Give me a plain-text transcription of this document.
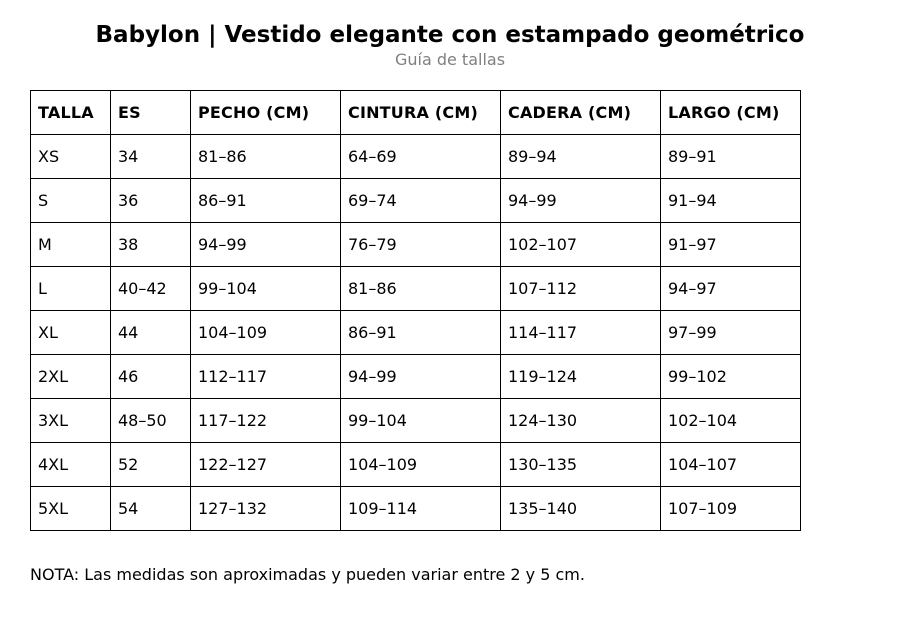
Babylon | Vestido elegante con estampado geométrico
Guía de tallas
TALLA	ES	PECHO (CM)	CINTURA (CM)	CADERA (CM)	LARGO (CM)
XS	34	81–86	64–69	89–94	89–91
S	36	86–91	69–74	94–99	91–94
M	38	94–99	76–79	102–107	91–97
L	40–42	99–104	81–86	107–112	94–97
XL	44	104–109	86–91	114–117	97–99
2XL	46	112–117	94–99	119–124	99–102
3XL	48–50	117–122	99–104	124–130	102–104
4XL	52	122–127	104–109	130–135	104–107
5XL	54	127–132	109–114	135–140	107–109
NOTA: Las medidas son aproximadas y pueden variar entre 2 y 5 cm.
